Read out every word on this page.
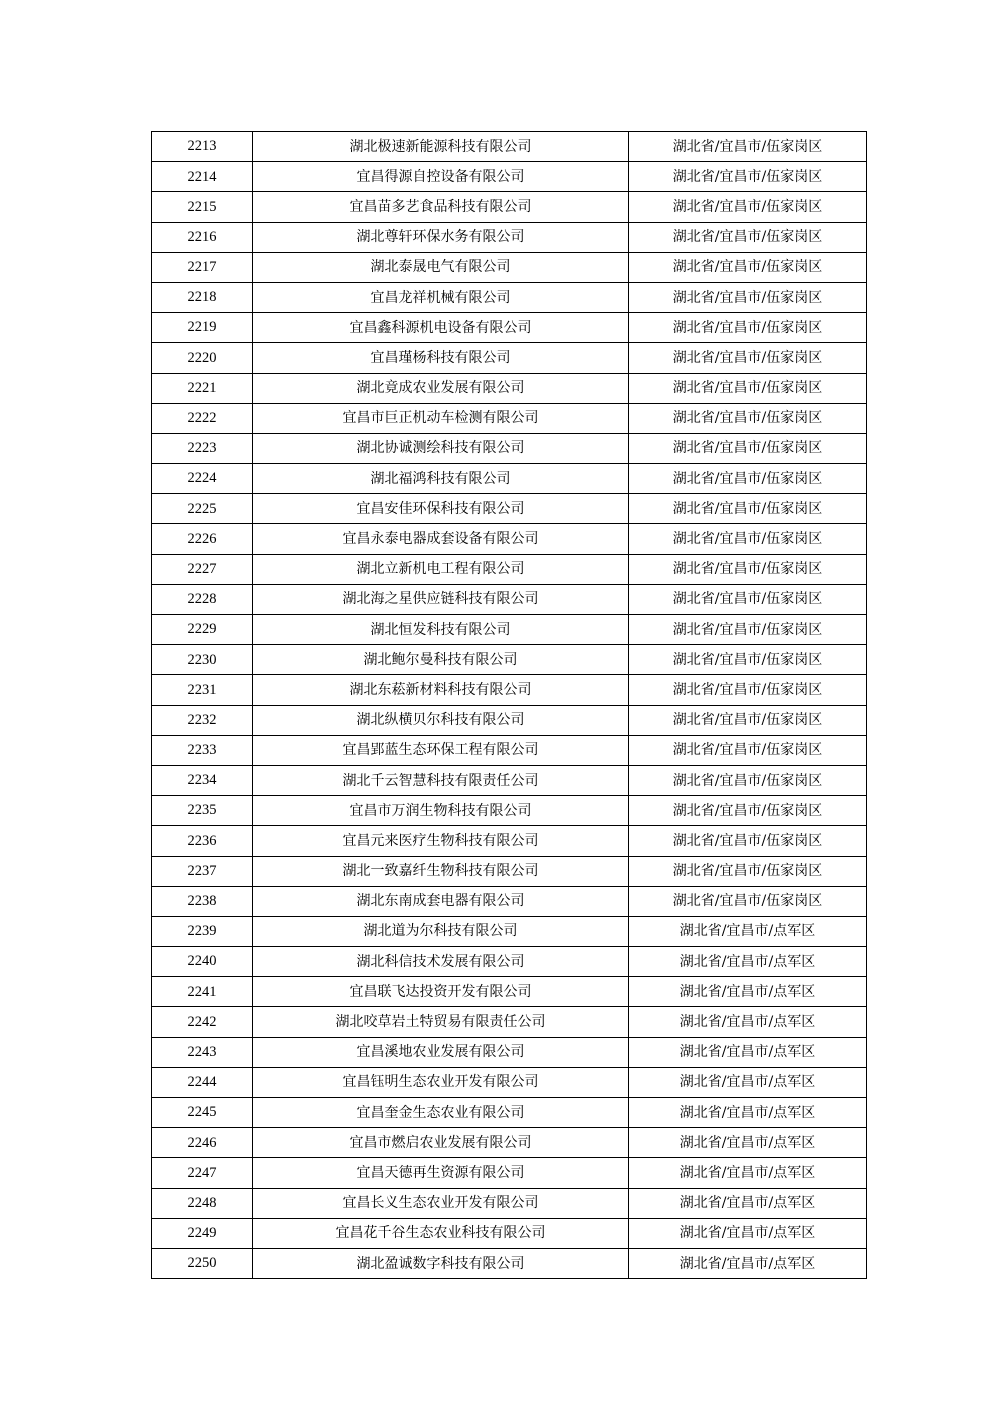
2213	湖北极速新能源科技有限公司	湖北省/宜昌市/伍家岗区
2214	宜昌得源自控设备有限公司	湖北省/宜昌市/伍家岗区
2215	宜昌苗多艺食品科技有限公司	湖北省/宜昌市/伍家岗区
2216	湖北尊轩环保水务有限公司	湖北省/宜昌市/伍家岗区
2217	湖北泰晟电气有限公司	湖北省/宜昌市/伍家岗区
2218	宜昌龙祥机械有限公司	湖北省/宜昌市/伍家岗区
2219	宜昌鑫科源机电设备有限公司	湖北省/宜昌市/伍家岗区
2220	宜昌瑾杨科技有限公司	湖北省/宜昌市/伍家岗区
2221	湖北竟成农业发展有限公司	湖北省/宜昌市/伍家岗区
2222	宜昌市巨正机动车检测有限公司	湖北省/宜昌市/伍家岗区
2223	湖北协诚测绘科技有限公司	湖北省/宜昌市/伍家岗区
2224	湖北福鸿科技有限公司	湖北省/宜昌市/伍家岗区
2225	宜昌安佳环保科技有限公司	湖北省/宜昌市/伍家岗区
2226	宜昌永泰电器成套设备有限公司	湖北省/宜昌市/伍家岗区
2227	湖北立新机电工程有限公司	湖北省/宜昌市/伍家岗区
2228	湖北海之星供应链科技有限公司	湖北省/宜昌市/伍家岗区
2229	湖北恒发科技有限公司	湖北省/宜昌市/伍家岗区
2230	湖北鲍尔曼科技有限公司	湖北省/宜昌市/伍家岗区
2231	湖北东菘新材料科技有限公司	湖北省/宜昌市/伍家岗区
2232	湖北纵横贝尔科技有限公司	湖北省/宜昌市/伍家岗区
2233	宜昌郢蓝生态环保工程有限公司	湖北省/宜昌市/伍家岗区
2234	湖北千云智慧科技有限责任公司	湖北省/宜昌市/伍家岗区
2235	宜昌市万润生物科技有限公司	湖北省/宜昌市/伍家岗区
2236	宜昌元来医疗生物科技有限公司	湖北省/宜昌市/伍家岗区
2237	湖北一致嘉纤生物科技有限公司	湖北省/宜昌市/伍家岗区
2238	湖北东南成套电器有限公司	湖北省/宜昌市/伍家岗区
2239	湖北道为尔科技有限公司	湖北省/宜昌市/点军区
2240	湖北科信技术发展有限公司	湖北省/宜昌市/点军区
2241	宜昌联飞达投资开发有限公司	湖北省/宜昌市/点军区
2242	湖北咬草岩土特贸易有限责任公司	湖北省/宜昌市/点军区
2243	宜昌溪地农业发展有限公司	湖北省/宜昌市/点军区
2244	宜昌钰明生态农业开发有限公司	湖北省/宜昌市/点军区
2245	宜昌奎金生态农业有限公司	湖北省/宜昌市/点军区
2246	宜昌市燃启农业发展有限公司	湖北省/宜昌市/点军区
2247	宜昌天德再生资源有限公司	湖北省/宜昌市/点军区
2248	宜昌长义生态农业开发有限公司	湖北省/宜昌市/点军区
2249	宜昌花千谷生态农业科技有限公司	湖北省/宜昌市/点军区
2250	湖北盈诚数字科技有限公司	湖北省/宜昌市/点军区
